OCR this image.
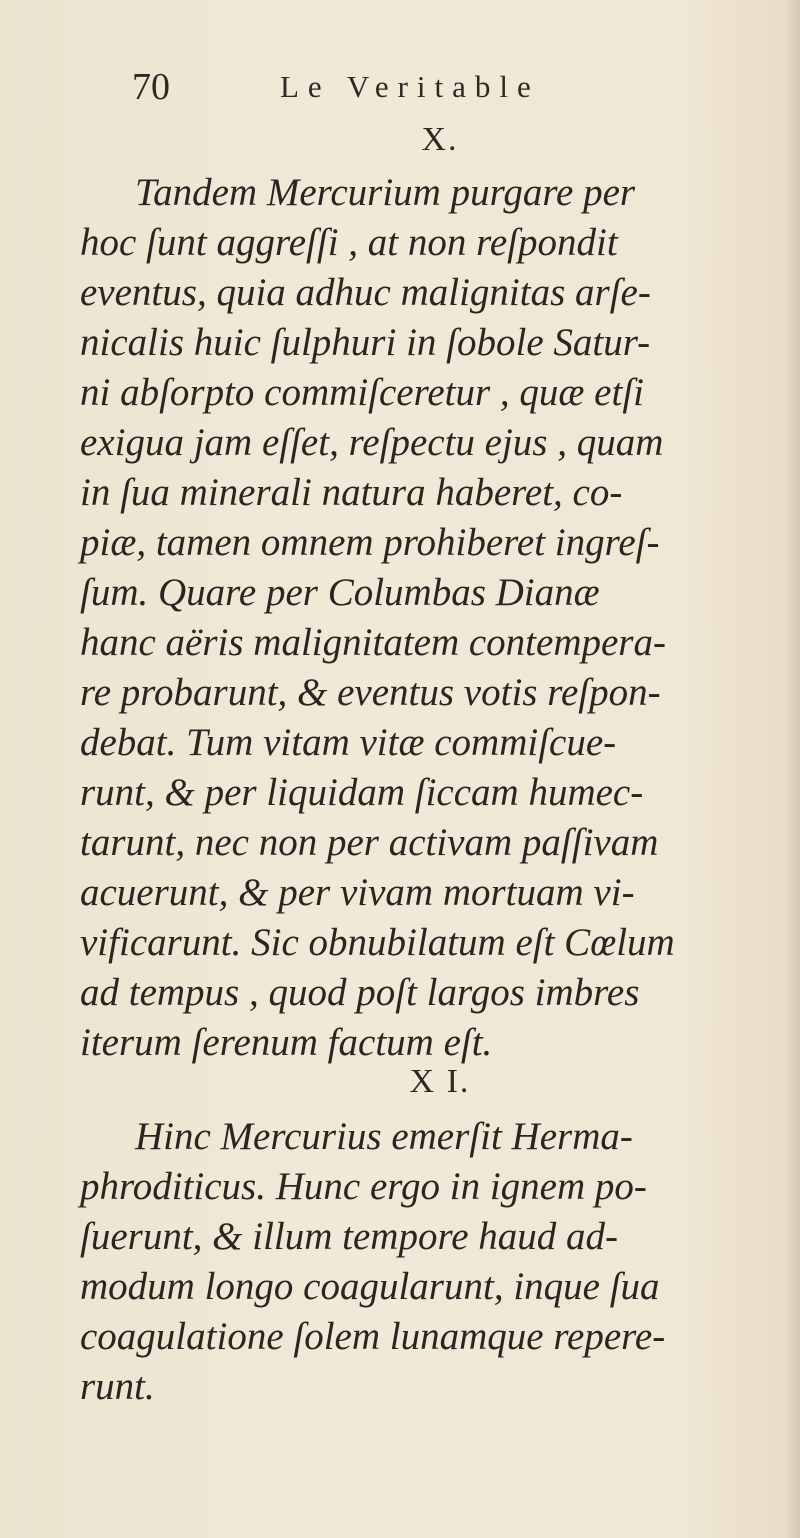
70	Le Veritable
X.
Tandem Mercurium purgare per
hoc ſunt aggreſſi , at non reſpondit
eventus, quia adhuc malignitas arſe-
nicalis huic ſulphuri in ſobole Satur-
ni abſorpto commiſceretur , quæ etſi
exigua jam eſſet, reſpectu ejus , quam
in ſua minerali natura haberet, co-
piæ, tamen omnem prohiberet ingreſ-
ſum. Quare per Columbas Dianæ
hanc aëris malignitatem contempera-
re probarunt, & eventus votis reſpon-
debat. Tum vitam vitæ commiſcue-
runt, & per liquidam ſiccam humec-
tarunt, nec non per activam paſſivam
acuerunt, & per vivam mortuam vi-
vificarunt. Sic obnubilatum eſt Cœlum
ad tempus , quod poſt largos imbres
iterum ſerenum factum eſt.
X I.
Hinc Mercurius emerſit Herma-
phroditicus. Hunc ergo in ignem po-
ſuerunt, & illum tempore haud ad-
modum longo coagularunt, inque ſua
coagulatione ſolem lunamque repere-
runt.
